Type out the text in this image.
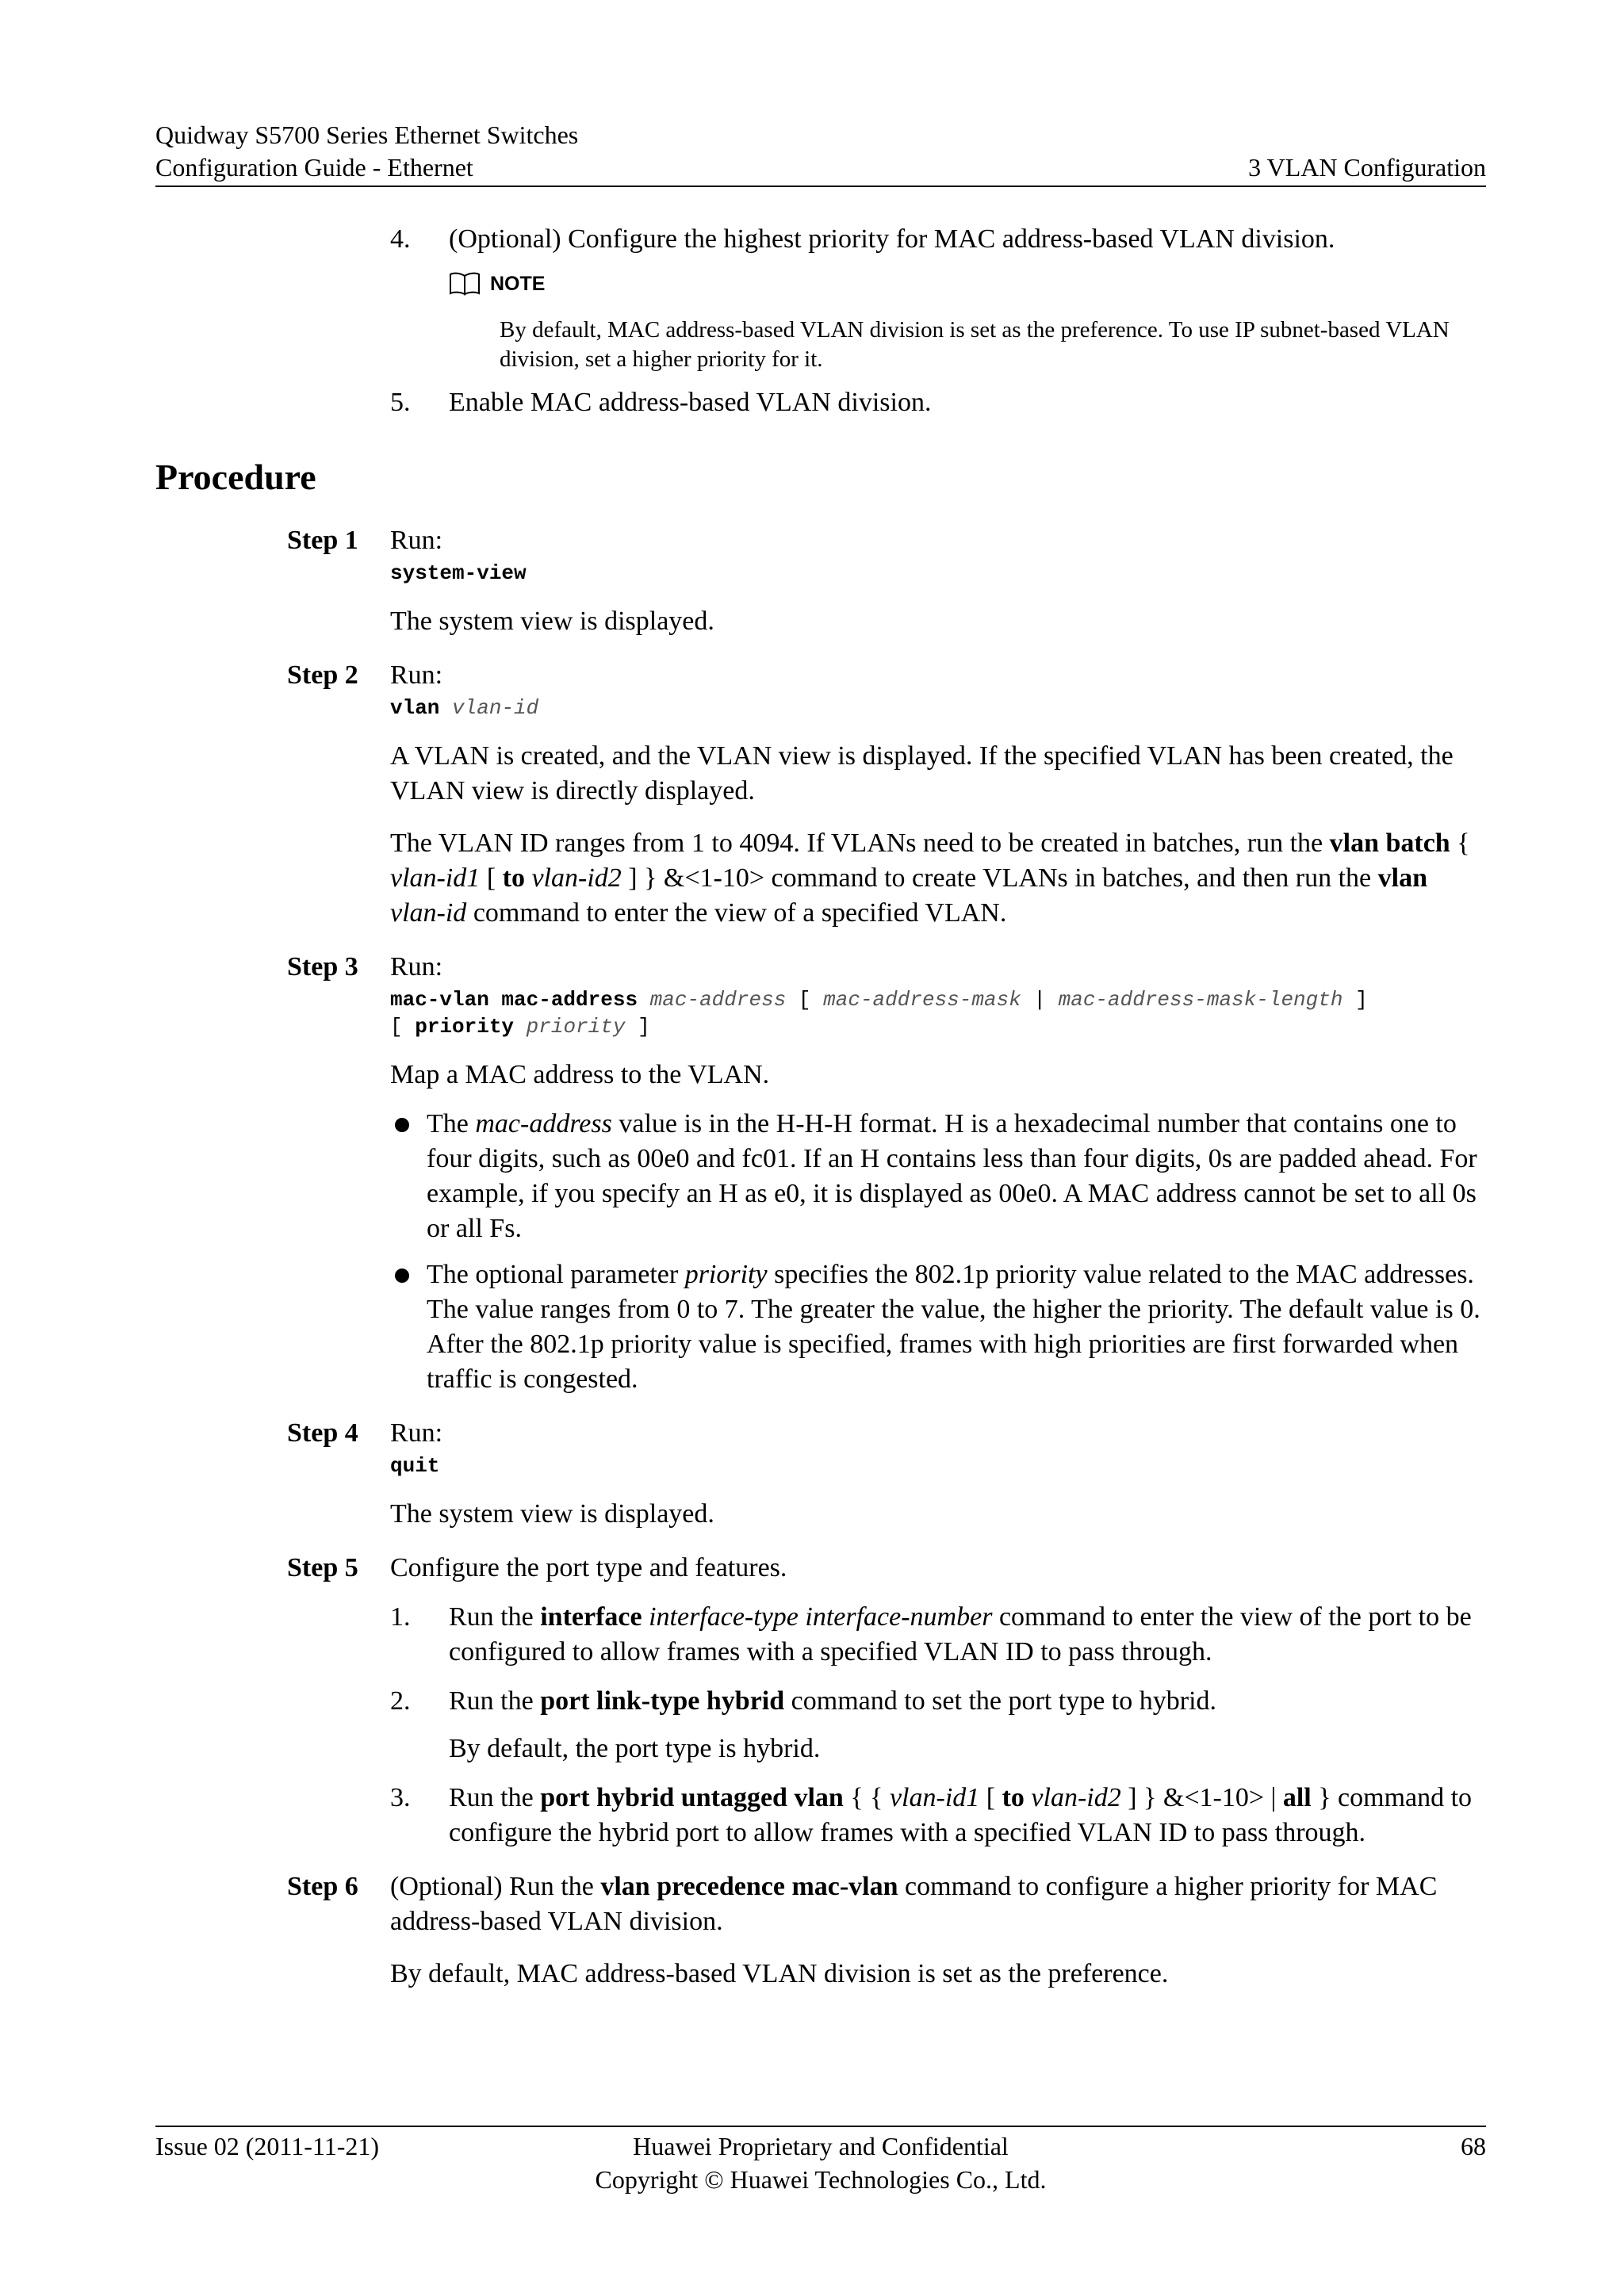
Quidway S5700 Series Ethernet Switches
Configuration Guide - Ethernet	3 VLAN Configuration
4. (Optional) Configure the highest priority for MAC address-based VLAN division.
NOTE
By default, MAC address-based VLAN division is set as the preference. To use IP subnet-based VLAN division, set a higher priority for it.
5. Enable MAC address-based VLAN division.
Procedure
Step 1 Run:
system-view
The system view is displayed.
Step 2 Run:
vlan vlan-id
A VLAN is created, and the VLAN view is displayed. If the specified VLAN has been created, the VLAN view is directly displayed.
The VLAN ID ranges from 1 to 4094. If VLANs need to be created in batches, run the vlan batch { vlan-id1 [ to vlan-id2 ] } &<1-10> command to create VLANs in batches, and then run the vlan vlan-id command to enter the view of a specified VLAN.
Step 3 Run:
mac-vlan mac-address mac-address [ mac-address-mask | mac-address-mask-length ]
[ priority priority ]
Map a MAC address to the VLAN.
The mac-address value is in the H-H-H format. H is a hexadecimal number that contains one to four digits, such as 00e0 and fc01. If an H contains less than four digits, 0s are padded ahead. For example, if you specify an H as e0, it is displayed as 00e0. A MAC address cannot be set to all 0s or all Fs.
The optional parameter priority specifies the 802.1p priority value related to the MAC addresses. The value ranges from 0 to 7. The greater the value, the higher the priority. The default value is 0. After the 802.1p priority value is specified, frames with high priorities are first forwarded when traffic is congested.
Step 4 Run:
quit
The system view is displayed.
Step 5 Configure the port type and features.
1. Run the interface interface-type interface-number command to enter the view of the port to be configured to allow frames with a specified VLAN ID to pass through.
2. Run the port link-type hybrid command to set the port type to hybrid.
By default, the port type is hybrid.
3. Run the port hybrid untagged vlan { { vlan-id1 [ to vlan-id2 ] } &<1-10> | all } command to configure the hybrid port to allow frames with a specified VLAN ID to pass through.
Step 6 (Optional) Run the vlan precedence mac-vlan command to configure a higher priority for MAC address-based VLAN division.
By default, MAC address-based VLAN division is set as the preference.
Issue 02 (2011-11-21)	Huawei Proprietary and Confidential
Copyright © Huawei Technologies Co., Ltd.
68
